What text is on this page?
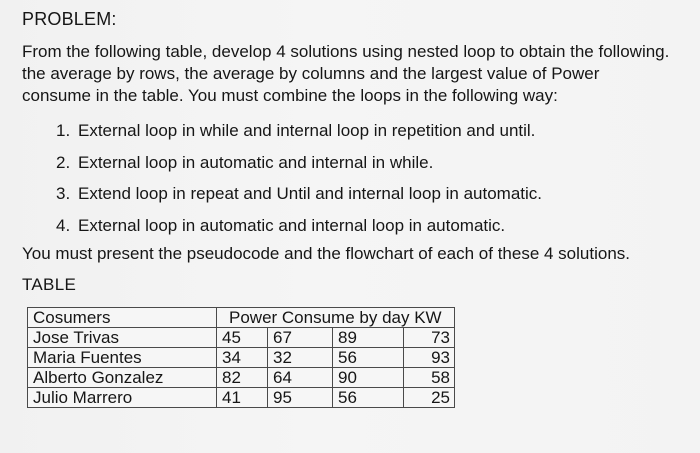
PROBLEM:

From the following table, develop 4 solutions using nested loop to obtain the following.
the average by rows, the average by columns and the largest value of Power
consume in the table. You must combine the loops in the following way:

1. External loop in while and internal loop in repetition and until.
2. External loop in automatic and internal in while.
3. Extend loop in repeat and Until and internal loop in automatic.
4. External loop in automatic and internal loop in automatic.
You must present the pseudocode and the flowchart of each of these 4 solutions.
TABLE
Cosumers	Power Consume by day KW			
Jose Trivas	45	67	89	73
Maria Fuentes	34	32	56	93
Alberto Gonzalez	82	64	90	58
Julio Marrero	41	95	56	25
